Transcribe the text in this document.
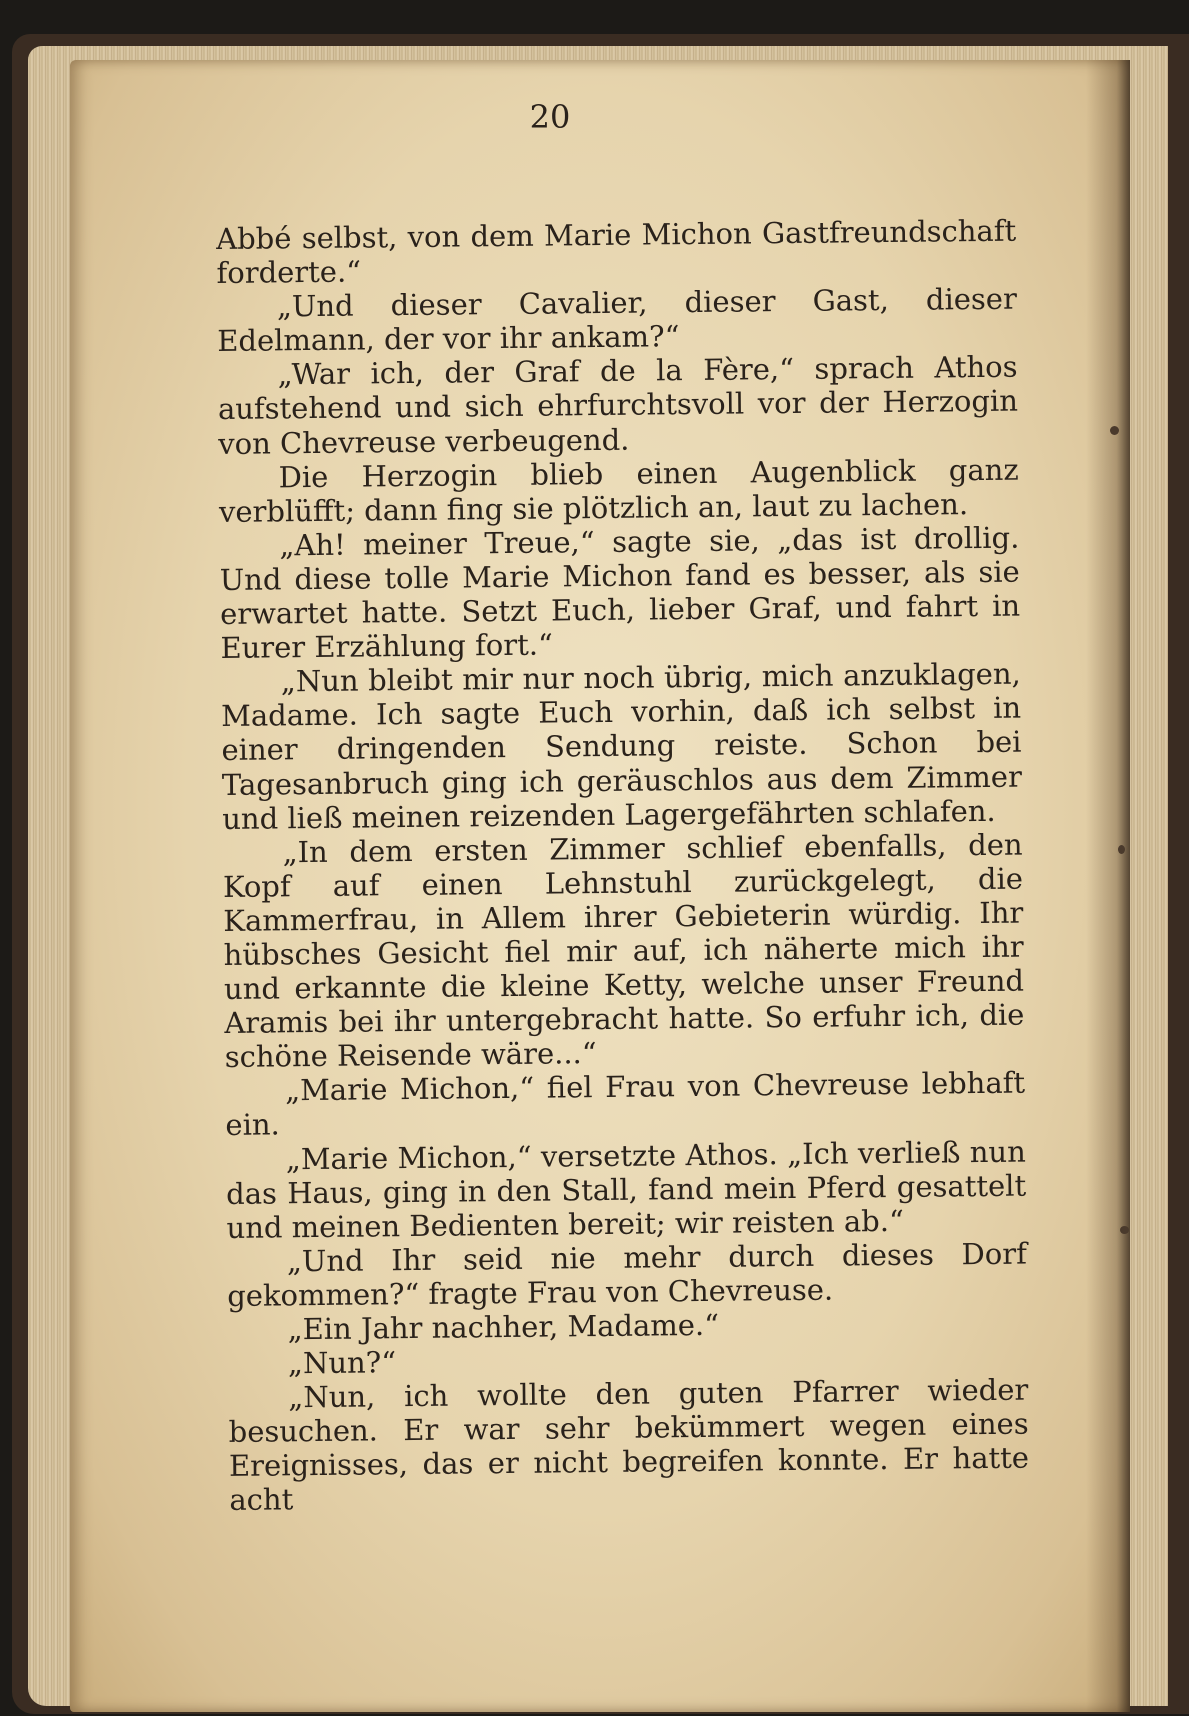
20

Abbé selbst, von dem Marie Michon Gastfreundschaft forderte.“

„Und dieser Cavalier, dieser Gast, dieser Edelmann, der vor ihr ankam?“

„War ich, der Graf de la Fère,“ sprach Athos aufstehend und sich ehrfurchtsvoll vor der Herzogin von Chevreuse verbeugend.

Die Herzogin blieb einen Augenblick ganz verblüfft; dann fing sie plötzlich an, laut zu lachen.

„Ah! meiner Treue,“ sagte sie, „das ist drollig. Und diese tolle Marie Michon fand es besser, als sie erwartet hatte. Setzt Euch, lieber Graf, und fahrt in Eurer Erzählung fort.“

„Nun bleibt mir nur noch übrig, mich anzuklagen, Madame. Ich sagte Euch vorhin, daß ich selbst in einer dringenden Sendung reiste. Schon bei Tagesanbruch ging ich geräuschlos aus dem Zimmer und ließ meinen reizenden Lagergefährten schlafen.

„In dem ersten Zimmer schlief ebenfalls, den Kopf auf einen Lehnstuhl zurückgelegt, die Kammerfrau, in Allem ihrer Gebieterin würdig. Ihr hübsches Gesicht fiel mir auf, ich näherte mich ihr und erkannte die kleine Ketty, welche unser Freund Aramis bei ihr untergebracht hatte. So erfuhr ich, die schöne Reisende wäre...“

„Marie Michon,“ fiel Frau von Chevreuse lebhaft ein.

„Marie Michon,“ versetzte Athos. „Ich verließ nun das Haus, ging in den Stall, fand mein Pferd gesattelt und meinen Bedienten bereit; wir reisten ab.“

„Und Ihr seid nie mehr durch dieses Dorf gekommen?“ fragte Frau von Chevreuse.

„Ein Jahr nachher, Madame.“

„Nun?“

„Nun, ich wollte den guten Pfarrer wieder besuchen. Er war sehr bekümmert wegen eines Ereignisses, das er nicht begreifen konnte. Er hatte acht
